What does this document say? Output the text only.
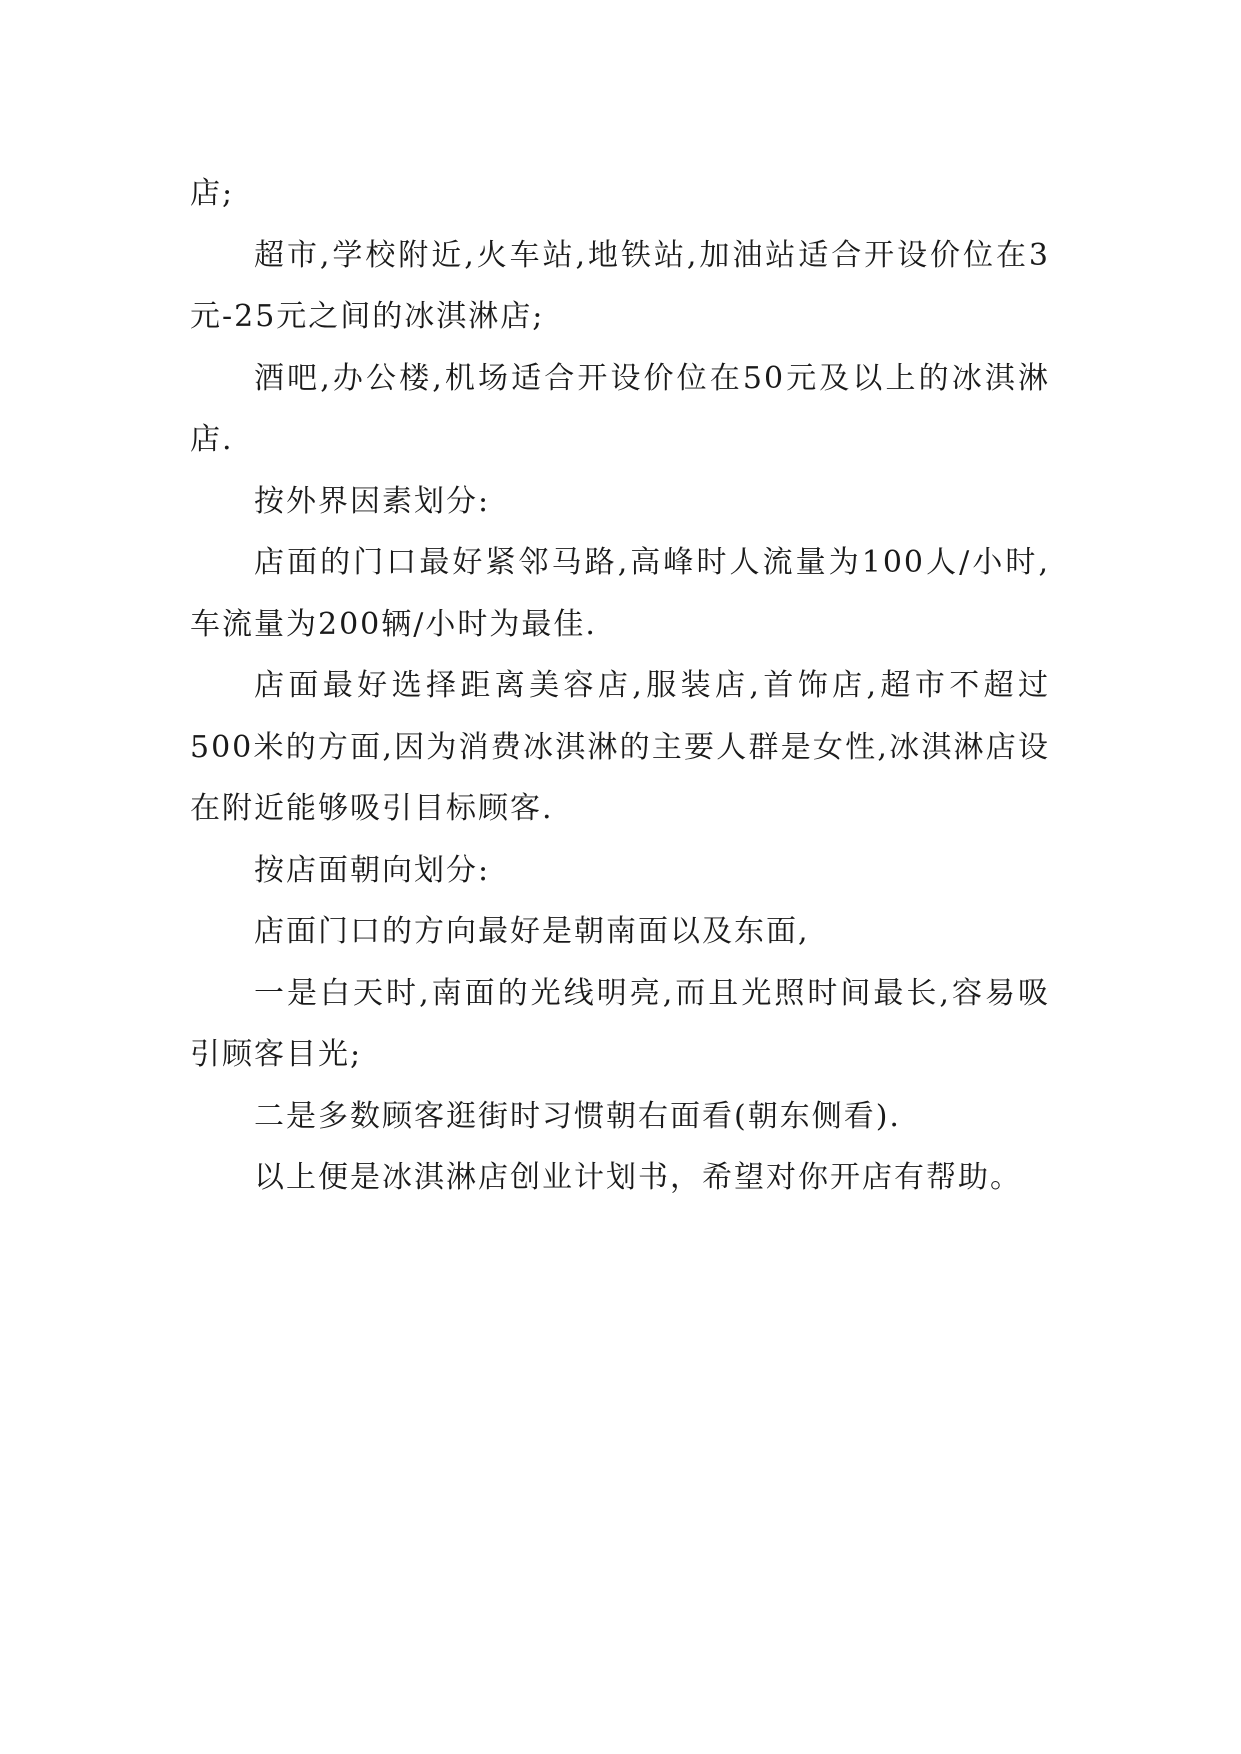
店;

超市,学校附近,火车站,地铁站,加油站适合开设价位在3元-25元之间的冰淇淋店;

酒吧,办公楼,机场适合开设价位在50元及以上的冰淇淋店.

按外界因素划分:

店面的门口最好紧邻马路,高峰时人流量为100人/小时,车流量为200辆/小时为最佳.

店面最好选择距离美容店,服装店,首饰店,超市不超过500米的方面,因为消费冰淇淋的主要人群是女性,冰淇淋店设在附近能够吸引目标顾客.

按店面朝向划分:

店面门口的方向最好是朝南面以及东面,

一是白天时,南面的光线明亮,而且光照时间最长,容易吸引顾客目光;

二是多数顾客逛街时习惯朝右面看(朝东侧看).

以上便是冰淇淋店创业计划书，希望对你开店有帮助。
